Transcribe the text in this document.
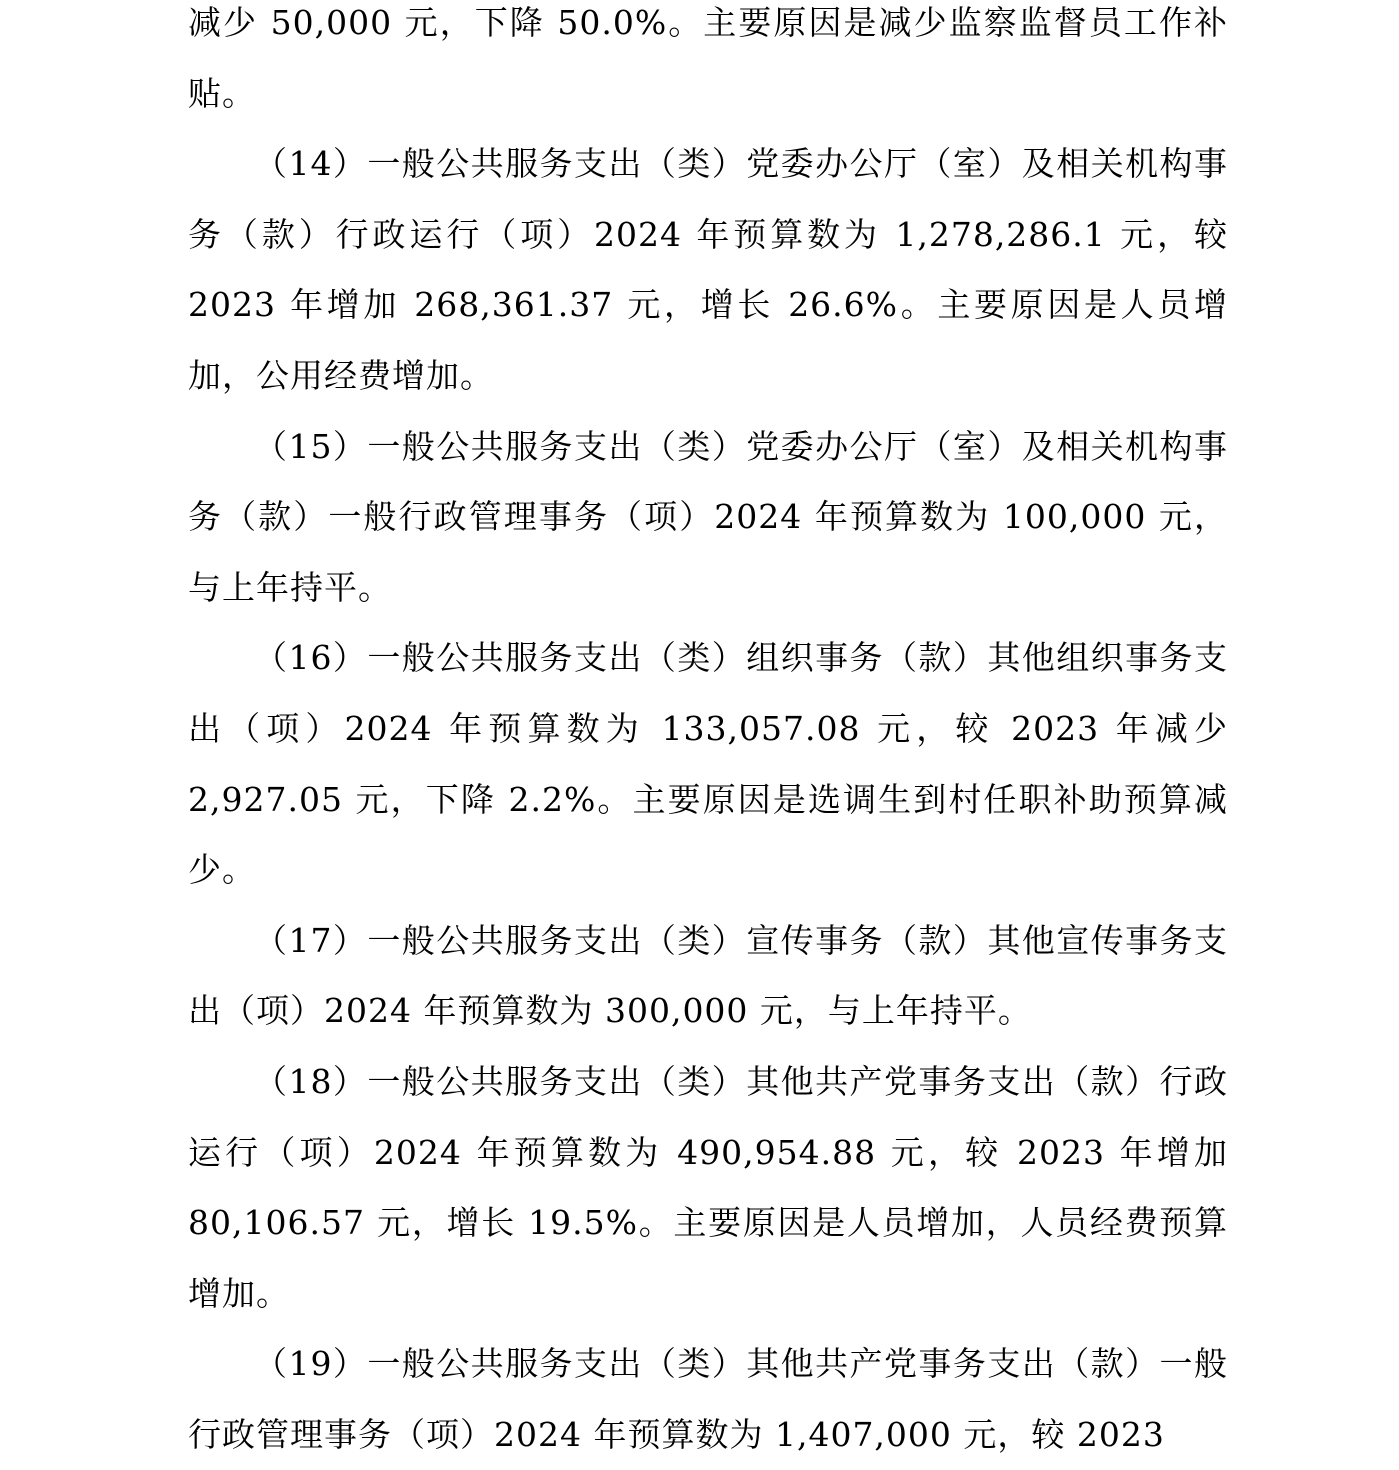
减少 50,000 元，下降 50.0%。主要原因是减少监察监督员工作补贴。

（14）一般公共服务支出（类）党委办公厅（室）及相关机构事务（款）行政运行（项）2024 年预算数为 1,278,286.1 元，较 2023 年增加 268,361.37 元，增长 26.6%。主要原因是人员增加，公用经费增加。

（15）一般公共服务支出（类）党委办公厅（室）及相关机构事务（款）一般行政管理事务（项）2024 年预算数为 100,000 元，与上年持平。

（16）一般公共服务支出（类）组织事务（款）其他组织事务支出（项）2024 年预算数为 133,057.08 元，较 2023 年减少 2,927.05 元，下降 2.2%。主要原因是选调生到村任职补助预算减少。

（17）一般公共服务支出（类）宣传事务（款）其他宣传事务支出（项）2024 年预算数为 300,000 元，与上年持平。

（18）一般公共服务支出（类）其他共产党事务支出（款）行政运行（项）2024 年预算数为 490,954.88 元，较 2023 年增加 80,106.57 元，增长 19.5%。主要原因是人员增加，人员经费预算增加。

（19）一般公共服务支出（类）其他共产党事务支出（款）一般行政管理事务（项）2024 年预算数为 1,407,000 元，较 2023
